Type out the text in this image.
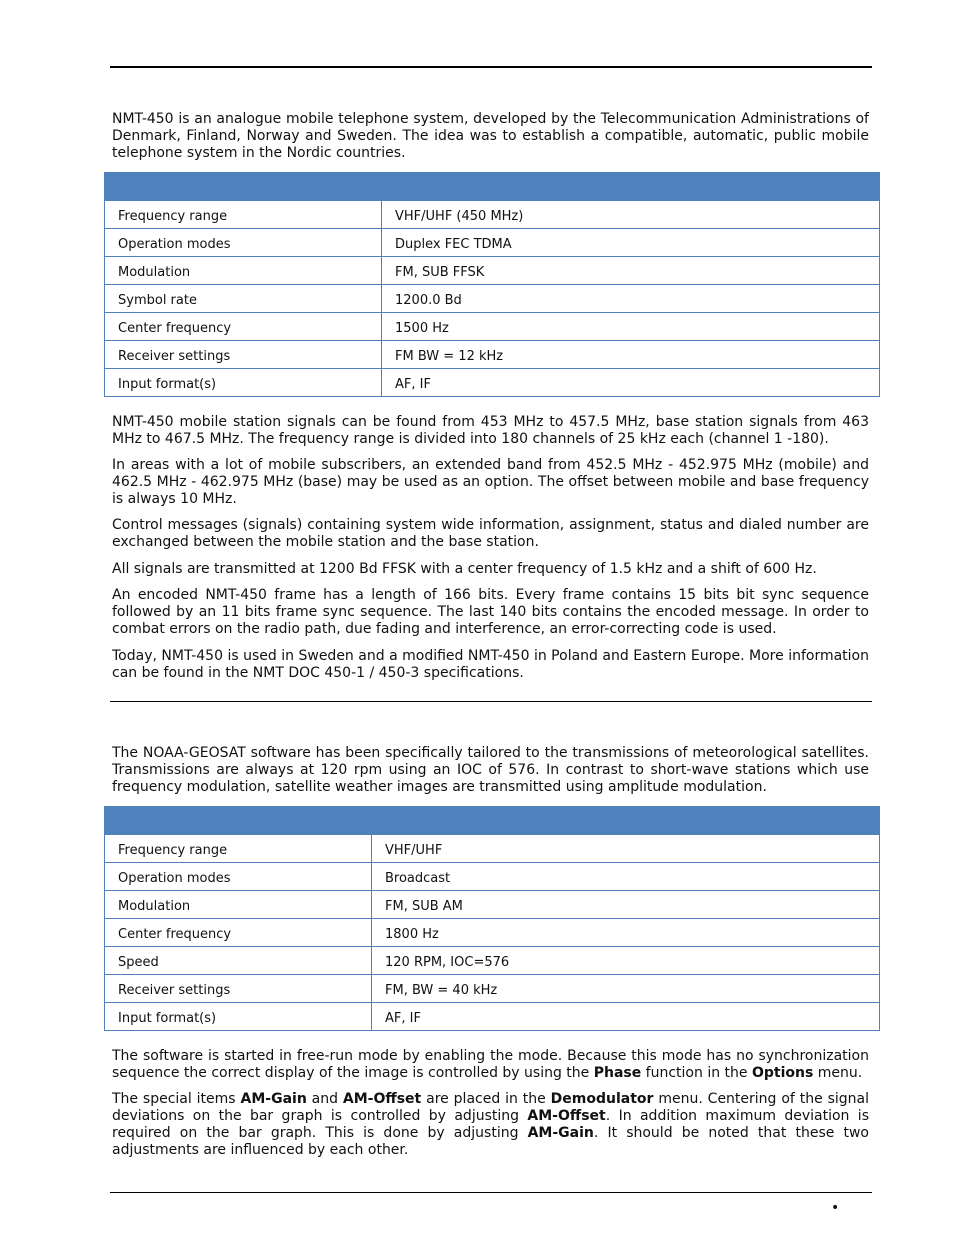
NMT-450 is an analogue mobile telephone system, developed by the Telecommunication Administrations of Denmark, Finland, Norway and Sweden. The idea was to establish a compatible, automatic, public mobile telephone system in the Nordic countries.

Frequency range	VHF/UHF (450 MHz)
Operation modes	Duplex FEC TDMA
Modulation	FM, SUB FFSK
Symbol rate	1200.0 Bd
Center frequency	1500 Hz
Receiver settings	FM BW = 12 kHz
Input format(s)	AF, IF

NMT-450 mobile station signals can be found from 453 MHz to 457.5 MHz, base station signals from 463 MHz to 467.5 MHz. The frequency range is divided into 180 channels of 25 kHz each (channel 1 -180).

In areas with a lot of mobile subscribers, an extended band from 452.5 MHz - 452.975 MHz (mobile) and 462.5 MHz - 462.975 MHz (base) may be used as an option. The offset between mobile and base frequency is always 10 MHz.

Control messages (signals) containing system wide information, assignment, status and dialed number are exchanged between the mobile station and the base station.

All signals are transmitted at 1200 Bd FFSK with a center frequency of 1.5 kHz and a shift of 600 Hz.

An encoded NMT-450 frame has a length of 166 bits. Every frame contains 15 bits bit sync sequence followed by an 11 bits frame sync sequence. The last 140 bits contains the encoded message. In order to combat errors on the radio path, due fading and interference, an error-correcting code is used.

Today, NMT-450 is used in Sweden and a modified NMT-450 in Poland and Eastern Europe. More information can be found in the NMT DOC 450-1 / 450-3 specifications.

The NOAA-GEOSAT software has been specifically tailored to the transmissions of meteorological satellites. Transmissions are always at 120 rpm using an IOC of 576. In contrast to short-wave stations which use frequency modulation, satellite weather images are transmitted using amplitude modulation.

Frequency range	VHF/UHF
Operation modes	Broadcast
Modulation	FM, SUB AM
Center frequency	1800 Hz
Speed	120 RPM, IOC=576
Receiver settings	FM, BW = 40 kHz
Input format(s)	AF, IF

The software is started in free-run mode by enabling the mode. Because this mode has no synchronization sequence the correct display of the image is controlled by using the Phase function in the Options menu.

The special items AM-Gain and AM-Offset are placed in the Demodulator menu. Centering of the signal deviations on the bar graph is controlled by adjusting AM-Offset. In addition maximum deviation is required on the bar graph. This is done by adjusting AM-Gain. It should be noted that these two adjustments are influenced by each other.

•
